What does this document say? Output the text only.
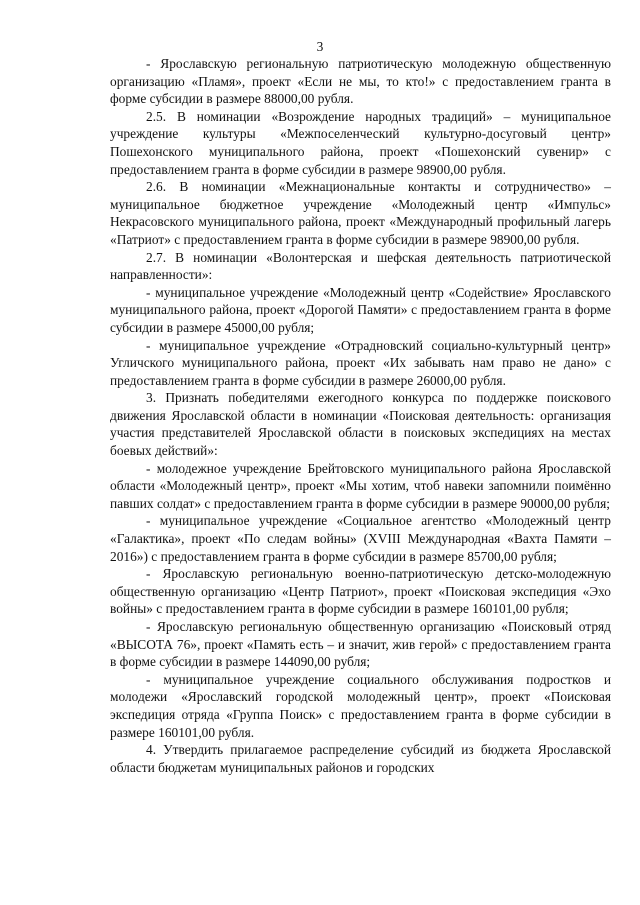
3

- Ярославскую региональную патриотическую молодежную общественную организацию «Пламя», проект «Если не мы, то кто!» с предоставлением гранта в форме субсидии в размере 88000,00 рубля.

2.5. В номинации «Возрождение народных традиций» – муниципальное учреждение культуры «Межпоселенческий культурно-досуговый центр» Пошехонского муниципального района, проект «Пошехонский сувенир» с предоставлением гранта в форме субсидии в размере 98900,00 рубля.

2.6. В номинации «Межнациональные контакты и сотрудничество» – муниципальное бюджетное учреждение «Молодежный центр «Импульс» Некрасовского муниципального района, проект «Международный профильный лагерь «Патриот» с предоставлением гранта в форме субсидии в размере 98900,00 рубля.

2.7. В номинации «Волонтерская и шефская деятельность патриотической направленности»:

- муниципальное учреждение «Молодежный центр «Содействие» Ярославского муниципального района, проект «Дорогой Памяти» с предоставлением гранта в форме субсидии в размере 45000,00 рубля;

- муниципальное учреждение «Отрадновский социально-культурный центр» Угличского муниципального района, проект «Их забывать нам право не дано» с предоставлением гранта в форме субсидии в размере 26000,00 рубля.

3. Признать победителями ежегодного конкурса по поддержке поискового движения Ярославской области в номинации «Поисковая деятельность: организация участия представителей Ярославской области в поисковых экспедициях на местах боевых действий»:

- молодежное учреждение Брейтовского муниципального района Ярославской области «Молодежный центр», проект «Мы хотим, чтоб навеки запомнили поимённо павших солдат» с предоставлением гранта в форме субсидии в размере 90000,00 рубля;

- муниципальное учреждение «Социальное агентство «Молодежный центр «Галактика», проект «По следам войны» (XVIII Международная «Вахта Памяти – 2016») с предоставлением гранта в форме субсидии в размере 85700,00 рубля;

- Ярославскую региональную военно-патриотическую детско-молодежную общественную организацию «Центр Патриот», проект «Поисковая экспедиция «Эхо войны» с предоставлением гранта в форме субсидии в размере 160101,00 рубля;

- Ярославскую региональную общественную организацию «Поисковый отряд «ВЫСОТА 76», проект «Память есть – и значит, жив герой» с предоставлением гранта в форме субсидии в размере 144090,00 рубля;

- муниципальное учреждение социального обслуживания подростков и молодежи «Ярославский городской молодежный центр», проект «Поисковая экспедиция отряда «Группа Поиск» с предоставлением гранта в форме субсидии в размере 160101,00 рубля.

4. Утвердить прилагаемое распределение субсидий из бюджета Ярославской области бюджетам муниципальных районов и городских
